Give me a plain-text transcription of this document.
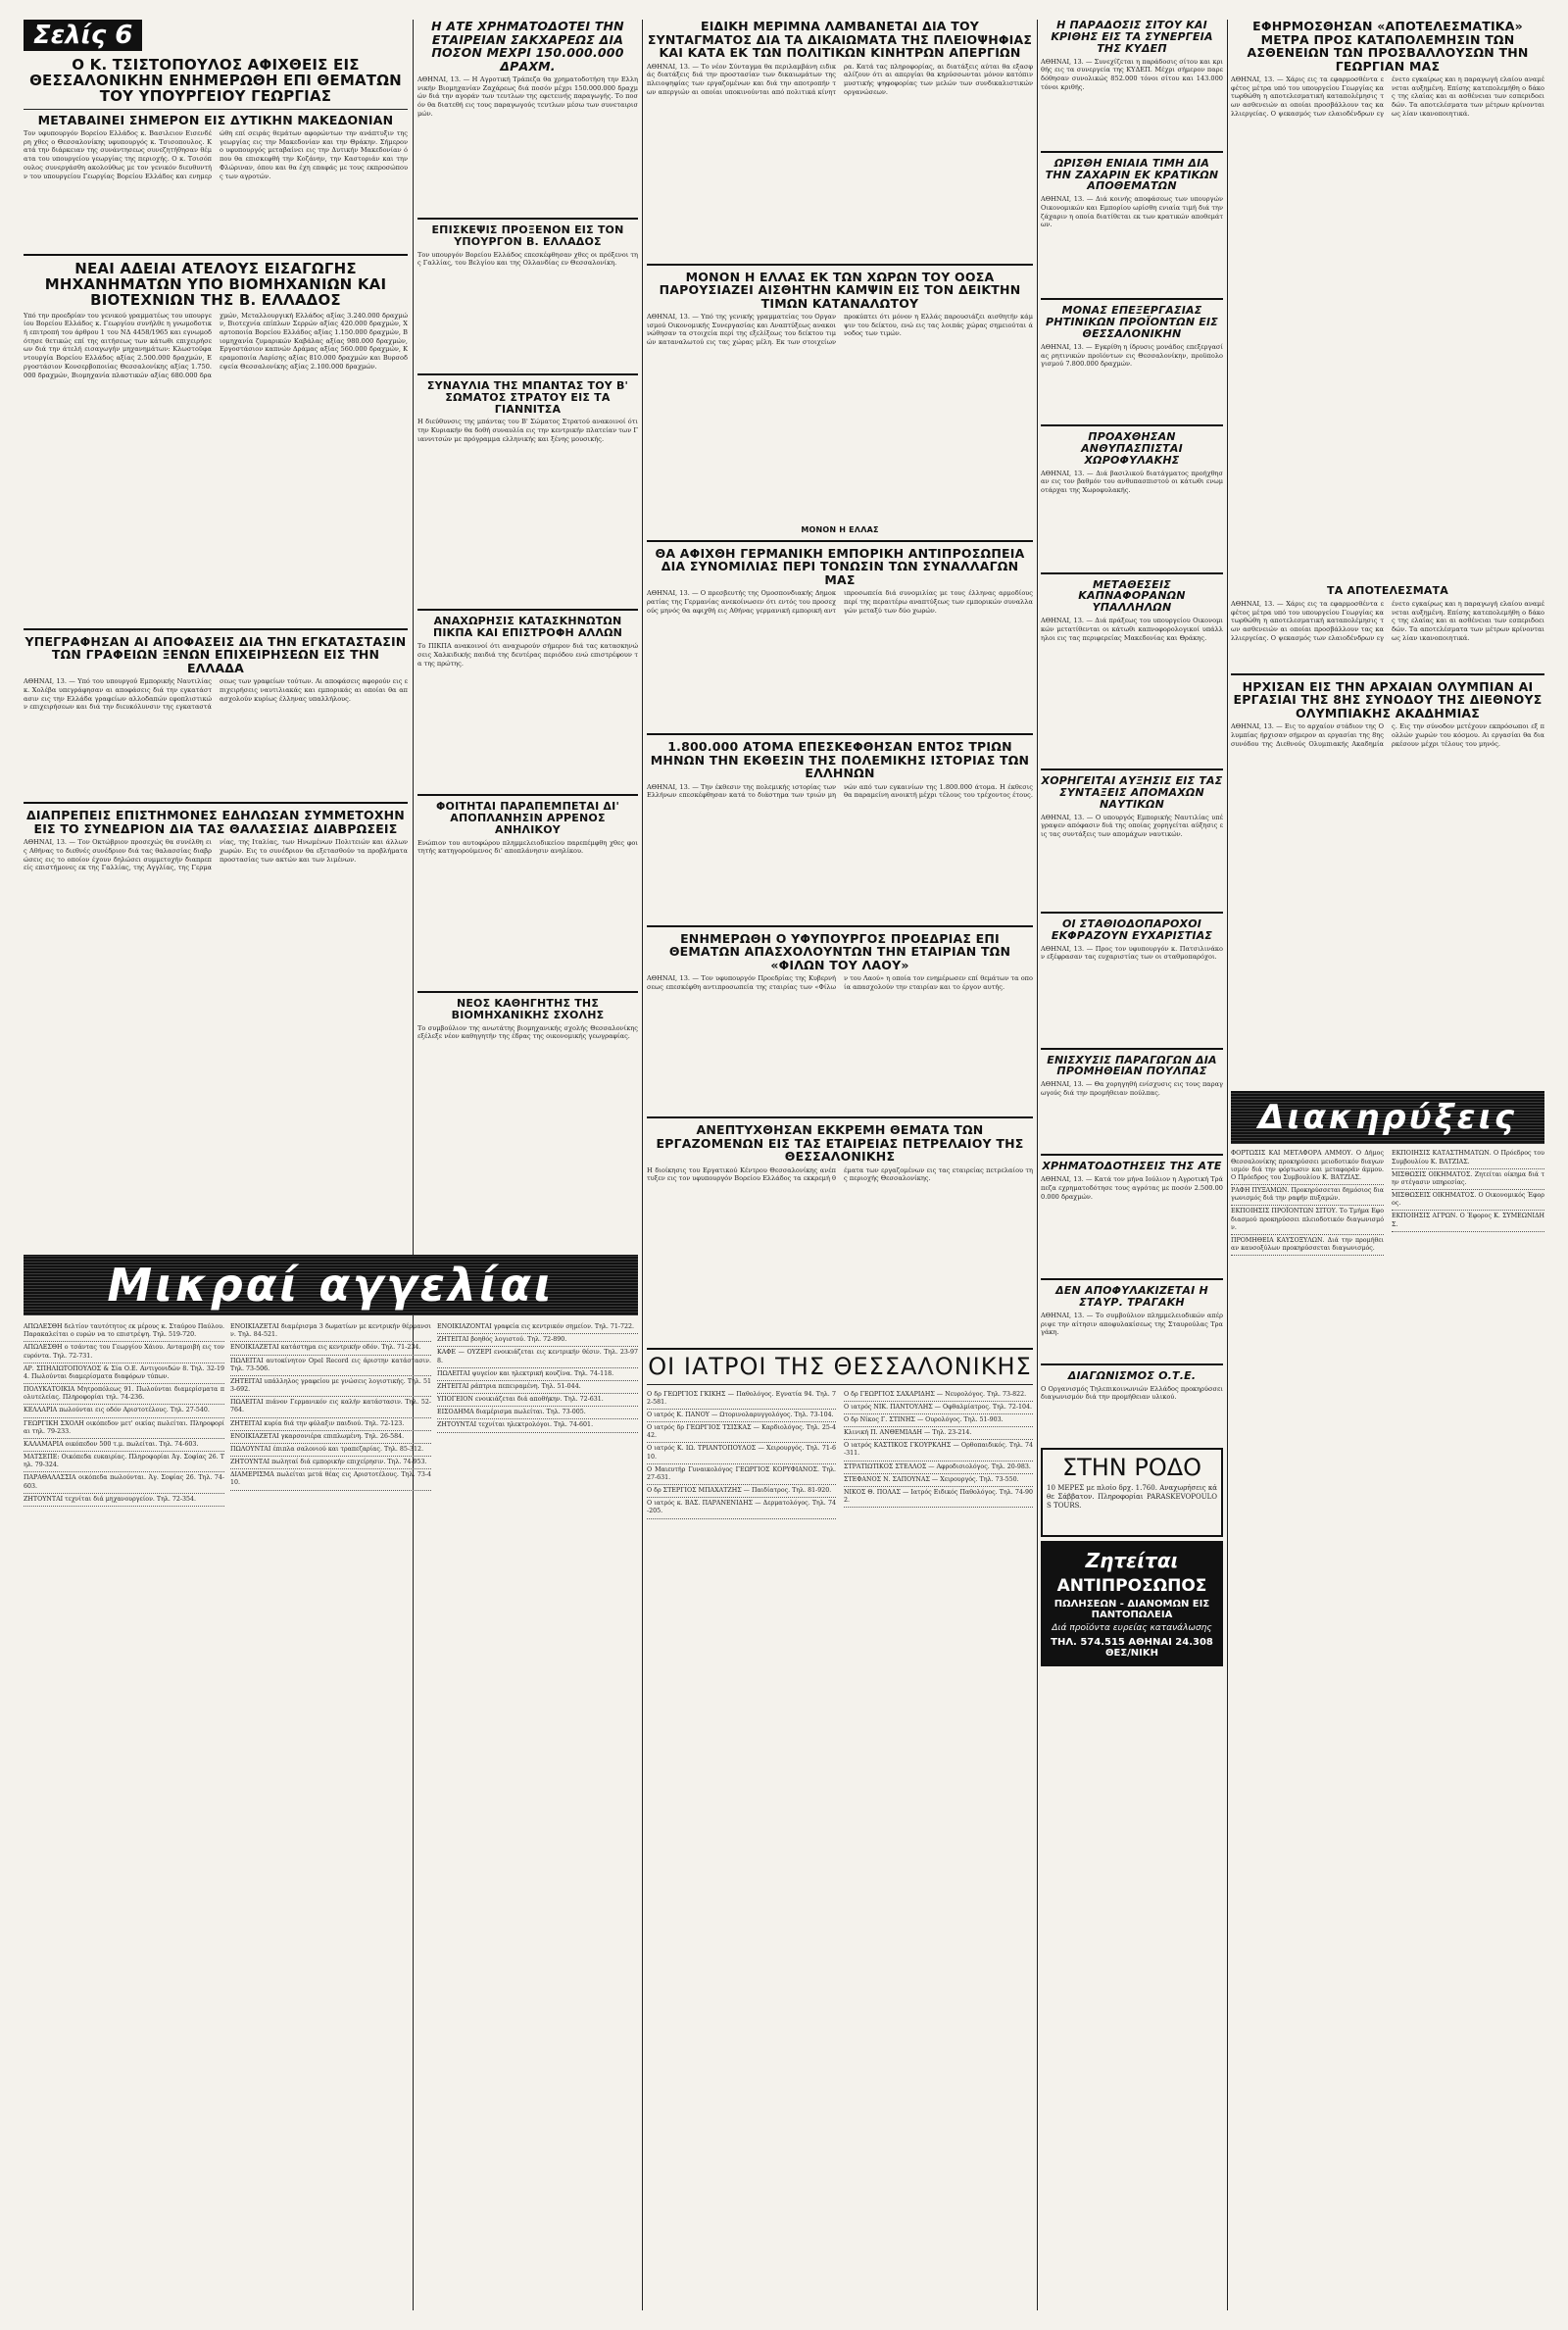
Σελίς 6
Ο Κ. ΤΣΙΣΤΟΠΟΥΛΟΣ ΑΦΙΧΘΕΙΣ ΕΙΣ ΘΕΣΣΑΛΟΝΙΚΗΝ ΕΝΗΜΕΡΩΘΗ ΕΠΙ ΘΕΜΑΤΩΝ ΤΟΥ ΥΠΟΥΡΓΕΙΟΥ ΓΕΩΡΓΙΑΣ
ΜΕΤΑΒΑΙΝΕΙ ΣΗΜΕΡΟΝ ΕΙΣ ΔΥΤΙΚΗΝ ΜΑΚΕΔΟΝΙΑΝ
Τον υφυπουργόν Βορείου Ελλάδος κ. Βασιλειον Εισενδέρη χθες ο Θεσσαλονίκης υφυπουργός κ. Τσισοπουλος. Κατά την διάρκειαν της συνάντησεως συνεζητήθησαν θέματα του υπουργείου γεωργίας της περιοχής. Ο κ. Τσισόπουλος συνεργάσθη ακολούθως με τον γενικόν διευθυντήν του υπουργείου Γεωργίας Βορείου Ελλάδος και ενημερώθη επί σειράς θεμάτων αφορώντων την ανάπτυξιν της γεωργίας εις την Μακεδονίαν και την Θράκην. Σήμερον ο υφυπουργός μεταβαίνει εις την Δυτικήν Μακεδονίαν όπου θα επισκεφθή την Κοζάνην, την Καστοριάν και την Φλώριναν, όπου και θα έχη επαφάς με τους εκπροσώπους των αγροτών.
ΝΕΑΙ ΑΔΕΙΑΙ ΑΤΕΛΟΥΣ ΕΙΣΑΓΩΓΗΣ ΜΗΧΑΝΗΜΑΤΩΝ ΥΠΟ ΒΙΟΜΗΧΑΝΙΩΝ ΚΑΙ ΒΙΟΤΕΧΝΙΩΝ ΤΗΣ Β. ΕΛΛΑΔΟΣ
Υπό την προεδρίαν του γενικού γραμματέως του υπουργείου Βορείου Ελλάδος κ. Γεωργίου συνήλθε η γνωμοδοτική επιτροπή του άρθρου 1 του ΝΔ 4458/1965 και εγνωμοδότησε θετικώς επί της αιτήσεως των κάτωθι επιχειρήσεων διά την άτελή εισαγωγήν μηχανημάτων: Κλωστοϋφαντουργία Βορείου Ελλάδος αξίας 2.500.000 δραχμών, Εργοστάσιον Κονσερβοποιίας Θεσσαλονίκης αξίας 1.750.000 δραχμών, Βιομηχανία πλαστικών αξίας 680.000 δραχμών, Μεταλλουργική Ελλάδος αξίας 3.240.000 δραχμών, Βιοτεχνία επίπλων Σερρών αξίας 420.000 δραχμών, Χαρτοποιία Βορείου Ελλάδος αξίας 1.150.000 δραχμών, Βιομηχανία ζυμαρικών Καβάλας αξίας 980.000 δραχμών, Εργοστάσιον καπνών Δράμας αξίας 560.000 δραχμών, Κεραμοποιία Λαρίσης αξίας 810.000 δραχμών και Βυρσοδεψεία Θεσσαλονίκης αξίας 2.100.000 δραχμών.
ΥΠΕΓΡΑΦΗΣΑΝ ΑΙ ΑΠΟΦΑΣΕΙΣ ΔΙΑ ΤΗΝ ΕΓΚΑΤΑΣΤΑΣΙΝ ΤΩΝ ΓΡΑΦΕΙΩΝ ΞΕΝΩΝ ΕΠΙΧΕΙΡΗΣΕΩΝ ΕΙΣ ΤΗΝ ΕΛΛΑΔΑ
ΑΘΗΝΑΙ, 13. — Υπό του υπουργού Εμπορικής Ναυτιλίας κ. Χολέβα υπεγράφησαν αι αποφάσεις διά την εγκατάστασιν εις την Ελλάδα γραφείων αλλοδαπών εφοπλιστικών επιχειρήσεων και διά την διευκόλυνσιν της εγκαταστάσεως των γραφείων τούτων. Αι αποφάσεις αφορούν εις επιχειρήσεις ναυτιλιακάς και εμπορικάς αι οποίαι θα απασχολούν κυρίως έλληνας υπαλλήλους.
ΔΙΑΠΡΕΠΕΙΣ ΕΠΙΣΤΗΜΟΝΕΣ ΕΔΗΛΩΣΑΝ ΣΥΜΜΕΤΟΧΗΝ ΕΙΣ ΤΟ ΣΥΝΕΔΡΙΟΝ ΔΙΑ ΤΑΣ ΘΑΛΑΣΣΙΑΣ ΔΙΑΒΡΩΣΕΙΣ
ΑΘΗΝΑΙ, 13. — Τον Οκτώβριον προσεχώς θα συνέλθη εις Αθήνας το διεθνές συνέδριον διά τας θαλασσίας διαβρώσεις εις το οποίον έχουν δηλώσει συμμετοχήν διαπρεπείς επιστήμονες εκ της Γαλλίας, της Αγγλίας, της Γερμανίας, της Ιταλίας, των Ηνωμένων Πολιτειών και άλλων χωρών. Εις το συνέδριον θα εξετασθούν τα προβλήματα προστασίας των ακτών και των λιμένων.
Μικραί αγγελίαι
ΑΠΩΛΕΣΘΗ δελτίον ταυτότητος εκ μέρους κ. Σταύρου Παύλου. Παρακαλείται ο ευρών να το επιστρέψη. Τηλ. 519-720.
ΑΠΩΛΕΣΘΗ ο τσάντας του Γεωργίου Χάιου. Ανταμοιβή εις τον ευρόντα. Τηλ. 72-731.
ΑΡ. ΣΠΗΛΙΩΤΟΠΟΥΛΟΣ & Σία Ο.Ε. Αντιγονιδών 8. Τηλ. 32-194. Πωλούνται διαμερίσματα διαφόρων τύπων.
ΠΟΛΥΚΑΤΟΙΚΙΑ Μητροπόλεως 91. Πωλούνται διαμερίσματα πολυτελείας. Πληροφορίαι τηλ. 74-236.
ΚΕΛΛΑΡΙΑ πωλούνται εις οδόν Αριστοτέλους. Τηλ. 27-540.
ΓΕΩΡΓΙΚΗ ΣΧΟΛΗ οικόπεδον μετ' οικίας πωλείται. Πληροφορίαι τηλ. 79-233.
ΚΑΛΑΜΑΡΙΑ οικόπεδον 500 τ.μ. πωλείται. Τηλ. 74-603.
ΜΑΤΣΕΠΕ: Οικόπεδα ευκαιρίας. Πληροφορίαι Άγ. Σοφίας 26. Τηλ. 79-324.
ΠΑΡΑΘΑΛΑΣΣΙΑ οικόπεδα πωλούνται. Άγ. Σοφίας 26. Τηλ. 74-603.
ΖΗΤΟΥΝΤΑΙ τεχνίται διά μηχανουργείον. Τηλ. 72-354.
ΕΝΟΙΚΙΑΖΕΤΑΙ διαμέρισμα 3 δωματίων με κεντρικήν θέρμανσιν. Τηλ. 84-521.
ΕΝΟΙΚΙΑΖΕΤΑΙ κατάστημα εις κεντρικήν οδόν. Τηλ. 71-234.
ΠΩΛΕΙΤΑΙ αυτοκίνητον Opel Record εις άριστην κατάστασιν. Τηλ. 73-506.
ΖΗΤΕΙΤΑΙ υπάλληλος γραφείου με γνώσεις λογιστικής. Τηλ. 513-692.
ΠΩΛΕΙΤΑΙ πιάνον Γερμανικόν εις καλήν κατάστασιν. Τηλ. 52-764.
ΖΗΤΕΙΤΑΙ κυρία διά την φύλαξιν παιδιού. Τηλ. 72-123.
ΕΝΟΙΚΙΑΖΕΤΑΙ γκαρσονιέρα επιπλωμένη. Τηλ. 26-584.
ΠΩΛΟΥΝΤΑΙ έπιπλα σαλονιού και τραπεζαρίας. Τηλ. 85-312.
ΖΗΤΟΥΝΤΑΙ πωληταί διά εμπορικήν επιχείρησιν. Τηλ. 74-953.
ΔΙΑΜΕΡΙΣΜΑ πωλείται μετά θέας εις Αριστοτέλους. Τηλ. 73-410.
ΕΝΟΙΚΙΑΖΟΝΤΑΙ γραφεία εις κεντρικόν σημείον. Τηλ. 71-722.
ΖΗΤΕΙΤΑΙ βοηθός λογιστού. Τηλ. 72-890.
ΚΑΦΕ — ΟΥΖΕΡΙ ενοικιάζεται εις κεντρικήν θέσιν. Τηλ. 23-978.
ΠΩΛΕΙΤΑΙ ψυγείον και ηλεκτρική κουζίνα. Τηλ. 74-118.
ΖΗΤΕΙΤΑΙ ράπτρια πεπειραμένη. Τηλ. 51-044.
ΥΠΟΓΕΙΟΝ ενοικιάζεται διά αποθήκην. Τηλ. 72-631.
ΕΙΣΟΔΗΜΑ διαμέρισμα πωλείται. Τηλ. 73-005.
ΖΗΤΟΥΝΤΑΙ τεχνίται ηλεκτρολόγοι. Τηλ. 74-601.
Η ΑΤΕ ΧΡΗΜΑΤΟΔΟΤΕΙ ΤΗΝ ΕΤΑΙΡΕΙΑΝ ΣΑΚΧΑΡΕΩΣ ΔΙΑ ΠΟΣΟΝ ΜΕΧΡΙ 150.000.000 ΔΡΑΧΜ.
ΑΘΗΝΑΙ, 13. — Η Αγροτική Τράπεζα θα χρηματοδοτήση την Ελληνικήν Βιομηχανίαν Ζαχάρεως διά ποσόν μέχρι 150.000.000 δραχμών διά την αγοράν των τευτλων της εφετεινής παραγωγής. Το ποσόν θα διατεθή εις τους παραγωγούς τευτλων μέσω των συνεταιρισμών.
ΕΠΙΣΚΕΨΙΣ ΠΡΟΞΕΝΟΝ ΕΙΣ ΤΟΝ ΥΠΟΥΡΓΟΝ Β. ΕΛΛΑΔΟΣ
Τον υπουργόν Βορείου Ελλάδος επεσκέφθησαν χθες οι πρόξενοι της Γαλλίας, του Βελγίου και της Ολλανδίας εν Θεσσαλονίκη.
ΣΥΝΑΥΛΙΑ ΤΗΣ ΜΠΑΝΤΑΣ ΤΟΥ Β' ΣΩΜΑΤΟΣ ΣΤΡΑΤΟΥ ΕΙΣ ΤΑ ΓΙΑΝΝΙΤΣΑ
Η διεύθυνσις της μπάντας του Β' Σώματος Στρατού ανακοινοί ότι την Κυριακήν θα δοθή συναυλία εις την κεντρικήν πλατείαν των Γιαννιτσών με πρόγραμμα ελληνικής και ξένης μουσικής.
ΑΝΑΧΩΡΗΣΙΣ ΚΑΤΑΣΚΗΝΩΤΩΝ ΠΙΚΠΑ ΚΑΙ ΕΠΙΣΤΡΟΦΗ ΑΛΛΩΝ
Το ΠΙΚΠΑ ανακοινοί ότι αναχωρούν σήμερον διά τας κατασκηνώσεις Χαλκιδικής παιδιά της δευτέρας περιόδου ενώ επιστρέφουν τα της πρώτης.
ΦΟΙΤΗΤΑΙ ΠΑΡΑΠΕΜΠΕΤΑΙ ΔΙ' ΑΠΟΠΛΑΝΗΣΙΝ ΑΡΡΕΝΟΣ ΑΝΗΛΙΚΟΥ
Ενώπιον του αυτοφώρου πλημμελειοδικείου παρεπέμφθη χθες φοιτητής κατηγορούμενος δι' αποπλάνησιν ανηλίκου.
ΝΕΟΣ ΚΑΘΗΓΗΤΗΣ ΤΗΣ ΒΙΟΜΗΧΑΝΙΚΗΣ ΣΧΟΛΗΣ
Το συμβούλιον της ανωτάτης βιομηχανικής σχολής Θεσσαλονίκης εξέλεξε νέον καθηγητήν της έδρας της οικονομικής γεωγραφίας.
ΕΙΔΙΚΗ ΜΕΡΙΜΝΑ ΛΑΜΒΑΝΕΤΑΙ ΔΙΑ ΤΟΥ ΣΥΝΤΑΓΜΑΤΟΣ ΔΙΑ ΤΑ ΔΙΚΑΙΩΜΑΤΑ ΤΗΣ ΠΛΕΙΟΨΗΦΙΑΣ ΚΑΙ ΚΑΤΑ ΕΚ ΤΩΝ ΠΟΛΙΤΙΚΩΝ ΚΙΝΗΤΡΩΝ ΑΠΕΡΓΙΩΝ
ΑΘΗΝΑΙ, 13. — Το νέον Σύνταγμα θα περιλαμβάνη ειδικάς διατάξεις διά την προστασίαν των δικαιωμάτων της πλειοψηφίας των εργαζομένων και διά την αποτροπήν των απεργιών αι οποίαι υποκινούνται από πολιτικά κίνητρα. Κατά τας πληροφορίας, αι διατάξεις αύται θα εξασφαλίζουν ότι αι απεργίαι θα κηρύσσωνται μόνον κατόπιν μυστικής ψηφοφορίας των μελών των συνδικαλιστικών οργανώσεων.
ΜΟΝΟΝ Η ΕΛΛΑΣ ΕΚ ΤΩΝ ΧΩΡΩΝ ΤΟΥ ΟΟΣΑ ΠΑΡΟΥΣΙΑΖΕΙ ΑΙΣΘΗΤΗΝ ΚΑΜΨΙΝ ΕΙΣ ΤΟΝ ΔΕΙΚΤΗΝ ΤΙΜΩΝ ΚΑΤΑΝΑΛΩΤΟΥ
ΑΘΗΝΑΙ, 13. — Υπό της γενικής γραμματείας του Οργανισμού Οικονομικής Συνεργασίας και Αναπτύξεως ανακοινώθησαν τα στοιχεία περί της εξελίξεως του δείκτου τιμών καταναλωτού εις τας χώρας μέλη. Εκ των στοιχείων προκύπτει ότι μόνον η Ελλάς παρουσιάζει αισθητήν κάμψιν του δείκτου, ενώ εις τας λοιπάς χώρας σημειούται άνοδος των τιμών.
ΜΟΝΟΝ Η ΕΛΛΑΣ
ΘΑ ΑΦΙΧΘΗ ΓΕΡΜΑΝΙΚΗ ΕΜΠΟΡΙΚΗ ΑΝΤΙΠΡΟΣΩΠΕΙΑ ΔΙΑ ΣΥΝΟΜΙΛΙΑΣ ΠΕΡΙ ΤΟΝΩΣΙΝ ΤΩΝ ΣΥΝΑΛΛΑΓΩΝ ΜΑΣ
ΑΘΗΝΑΙ, 13. — Ο πρεσβευτής της Ομοσπονδιακής Δημοκρατίας της Γερμανίας ανεκοίνωσεν ότι εντός του προσεχούς μηνός θα αφιχθή εις Αθήνας γερμανική εμπορική αντιπροσωπεία διά συνομιλίας με τους έλληνας αρμοδίους περί της περαιτέρω αναπτύξεως των εμπορικών συναλλαγών μεταξύ των δύο χωρών.
1.800.000 ΑΤΟΜΑ ΕΠΕΣΚΕΦΘΗΣΑΝ ΕΝΤΟΣ ΤΡΙΩΝ ΜΗΝΩΝ ΤΗΝ ΕΚΘΕΣΙΝ ΤΗΣ ΠΟΛΕΜΙΚΗΣ ΙΣΤΟΡΙΑΣ ΤΩΝ ΕΛΛΗΝΩΝ
ΑΘΗΝΑΙ, 13. — Την έκθεσιν της πολεμικής ιστορίας των Ελλήνων επεσκέφθησαν κατά το διάστημα των τριών μηνών από των εγκαινίων της 1.800.000 άτομα. Η έκθεσις θα παραμείνη ανοικτή μέχρι τέλους του τρέχοντος έτους.
ΕΝΗΜΕΡΩΘΗ Ο ΥΦΥΠΟΥΡΓΟΣ ΠΡΟΕΔΡΙΑΣ ΕΠΙ ΘΕΜΑΤΩΝ ΑΠΑΣΧΟΛΟΥΝΤΩΝ ΤΗΝ ΕΤΑΙΡΙΑΝ ΤΩΝ «ΦΙΛΩΝ ΤΟΥ ΛΑΟΥ»
ΑΘΗΝΑΙ, 13. — Τον υφυπουργόν Προεδρίας της Κυβερνήσεως επεσκέφθη αντιπροσωπεία της εταιρίας των «Φίλων του Λαού» η οποία τον ενημέρωσεν επί θεμάτων τα οποία απασχολούν την εταιρίαν και το έργον αυτής.
ΑΝΕΠΤΥΧΘΗΣΑΝ ΕΚΚΡΕΜΗ ΘΕΜΑΤΑ ΤΩΝ ΕΡΓΑΖΟΜΕΝΩΝ ΕΙΣ ΤΑΣ ΕΤΑΙΡΕΙΑΣ ΠΕΤΡΕΛΑΙΟΥ ΤΗΣ ΘΕΣΣΑΛΟΝΙΚΗΣ
Η διοίκησις του Εργατικού Κέντρου Θεσσαλονίκης ανέπτυξεν εις τον υφυπουργόν Βορείου Ελλάδος τα εκκρεμή θέματα των εργαζομένων εις τας εταιρείας πετρελαίου της περιοχής Θεσσαλονίκης.
ΟΙ ΙΑΤΡΟΙ ΤΗΣ ΘΕΣΣΑΛΟΝΙΚΗΣ
Ο δρ ΓΕΩΡΓΙΟΣ ΓΚΙΚΗΣ — Παθολόγος. Εγνατία 94. Τηλ. 72-581.
Ο ιατρός Κ. ΠΑΝΟΥ — Ωτορινολαρυγγολόγος. Τηλ. 73-104.
Ο ιατρός δρ ΓΕΩΡΓΙΟΣ ΤΣΙΣΚΑΣ — Καρδιολόγος. Τηλ. 25-442.
Ο ιατρός Κ. ΙΩ. ΤΡΙΑΝΤΟΠΟΥΛΟΣ — Χειρουργός. Τηλ. 71-610.
Ο Μαιευτήρ Γυναικολόγος ΓΕΩΡΓΙΟΣ ΚΟΡΥΦΙΑΝΟΣ. Τηλ. 27-631.
Ο δρ ΣΤΕΡΓΙΟΣ ΜΠΑΧΑΤΖΗΣ — Παιδίατρος. Τηλ. 81-920.
Ο ιατρός κ. ΒΑΣ. ΠΑΡΑΝΕΝΙΔΗΣ — Δερματολόγος. Τηλ. 74-205.
Ο δρ ΓΕΩΡΓΙΟΣ ΣΑΧΑΡΙΔΗΣ — Νευρολόγος. Τηλ. 73-822.
Ο ιατρός ΝΙΚ. ΠΑΝΤΟΥΛΗΣ — Οφθαλμίατρος. Τηλ. 72-104.
Ο δρ Νίκος Γ. ΣΤΙΝΗΣ — Ουρολόγος. Τηλ. 51-903.
Κλινική Π. ΑΝΘΕΜΙΑΔΗ — Τηλ. 23-214.
Ο ιατρός ΚΑΣΤΙΚΟΣ ΓΚΟΥΡΚΛΗΣ — Ορθοπαιδικός. Τηλ. 74-311.
ΣΤΡΑΤΙΩΤΙΚΟΣ ΣΤΕΛΛΟΣ — Αφροδισιολόγος. Τηλ. 20-983.
ΣΤΕΦΑΝΟΣ Ν. ΣΑΠΟΥΝΑΣ — Χειρουργός. Τηλ. 73-550.
ΝΙΚΟΣ Θ. ΠΟΛΑΣ — Ιατρός Ειδικός Παθολόγος. Τηλ. 74-902.
Η ΠΑΡΑΔΟΣΙΣ ΣΙΤΟΥ ΚΑΙ ΚΡΙΘΗΣ ΕΙΣ ΤΑ ΣΥΝΕΡΓΕΙΑ ΤΗΣ ΚΥΔΕΠ
ΑΘΗΝΑΙ, 13. — Συνεχίζεται η παράδοσις σίτου και κριθής εις τα συνεργεία της ΚΥΔΕΠ. Μέχρι σήμερον παρεδόθησαν συνολικώς 852.000 τόνοι σίτου και 143.000 τόνοι κριθής.
ΩΡΙΣΘΗ ΕΝΙΑΙΑ ΤΙΜΗ ΔΙΑ ΤΗΝ ΖΑΧΑΡΙΝ ΕΚ ΚΡΑΤΙΚΩΝ ΑΠΟΘΕΜΑΤΩΝ
ΑΘΗΝΑΙ, 13. — Διά κοινής αποφάσεως των υπουργών Οικονομικών και Εμπορίου ωρίσθη ενιαία τιμή διά την ζάχαριν η οποία διατίθεται εκ των κρατικών αποθεμάτων.
ΜΟΝΑΣ ΕΠΕΞΕΡΓΑΣΙΑΣ ΡΗΤΙΝΙΚΩΝ ΠΡΟΪΟΝΤΩΝ ΕΙΣ ΘΕΣΣΑΛΟΝΙΚΗΝ
ΑΘΗΝΑΙ, 13. — Εγκρίθη η ίδρυσις μονάδος επεξεργασίας ρητινικών προϊόντων εις Θεσσαλονίκην, προϋπολογισμού 7.800.000 δραχμών.
ΠΡΟΑΧΘΗΣΑΝ ΑΝΘΥΠΑΣΠΙΣΤΑΙ ΧΩΡΟΦΥΛΑΚΗΣ
ΑΘΗΝΑΙ, 13. — Διά βασιλικού διατάγματος προήχθησαν εις τον βαθμόν του ανθυπασπιστού οι κάτωθι ενωμοτάρχαι της Χωροφυλακής.
ΜΕΤΑΘΕΣΕΙΣ ΚΑΠΝΑΦΟΡΑΝΩΝ ΥΠΑΛΛΗΛΩΝ
ΑΘΗΝΑΙ, 13. — Διά πράξεως του υπουργείου Οικονομικών μετατίθενται οι κάτωθι καπνοφορολογικοί υπάλληλοι εις τας περιφερείας Μακεδονίας και Θράκης.
ΧΟΡΗΓΕΙΤΑΙ ΑΥΞΗΣΙΣ ΕΙΣ ΤΑΣ ΣΥΝΤΑΞΕΙΣ ΑΠΟΜΑΧΩΝ ΝΑΥΤΙΚΩΝ
ΑΘΗΝΑΙ, 13. — Ο υπουργός Εμπορικής Ναυτιλίας υπέγραψεν απόφασιν διά της οποίας χορηγείται αύξησις εις τας συντάξεις των απομάχων ναυτικών.
ΟΙ ΣΤΑΘΙΟΔΟΠΑΡΟΧΟΙ ΕΚΦΡΑΖΟΥΝ ΕΥΧΑΡΙΣΤΙΑΣ
ΑΘΗΝΑΙ, 13. — Προς τον υφυπουργόν κ. Πατσιλινάκον εξέφρασαν τας ευχαριστίας των οι σταθμοπαρόχοι.
ΕΝΙΣΧΥΣΙΣ ΠΑΡΑΓΩΓΩΝ ΔΙΑ ΠΡΟΜΗΘΕΙΑΝ ΠΟΥΛΠΑΣ
ΑΘΗΝΑΙ, 13. — Θα χορηγηθή ενίσχυσις εις τους παραγωγούς διά την προμήθειαν πούλπας.
ΧΡΗΜΑΤΟΔΟΤΗΣΕΙΣ ΤΗΣ ΑΤΕ
ΑΘΗΝΑΙ, 13. — Κατά τον μήνα Ιούλιον η Αγροτική Τράπεζα εχρηματοδότησε τους αγρότας με ποσόν 2.500.000.000 δραχμών.
ΔΕΝ ΑΠΟΦΥΛΑΚΙΖΕΤΑΙ Η ΣΤΑΥΡ. ΤΡΑΓΑΚΗ
ΑΘΗΝΑΙ, 13. — Το συμβούλιον πλημμελειοδικών απέρριψε την αίτησιν αποφυλακίσεως της Σταυρούλας Τραγάκη.
ΔΙΑΓΩΝΙΣΜΟΣ Ο.Τ.Ε.
Ο Οργανισμός Τηλεπικοινωνιών Ελλάδος προκηρύσσει διαγωνισμόν διά την προμήθειαν υλικού.
ΣΤΗΝ ΡΟΔΟ
10 ΜΕΡΕΣ με πλοίο δρχ. 1.760. Αναχωρήσεις κάθε Σάββατον. Πληροφορίαι PARASKEVOPOULOS TOURS.
Ζητείται
ΑΝΤΙΠΡΟΣΩΠΟΣ
ΠΩΛΗΣΕΩΝ - ΔΙΑΝΟΜΩΝ ΕΙΣ ΠΑΝΤΟΠΩΛΕΙΑ
Διά προϊόντα ευρείας κατανάλωσης
ΤΗΛ. 574.515 ΑΘΗΝΑΙ 24.308 ΘΕΣ/ΝΙΚΗ
ΕΦΗΡΜΟΣΘΗΣΑΝ «ΑΠΟΤΕΛΕΣΜΑΤΙΚΑ» ΜΕΤΡΑ ΠΡΟΣ ΚΑΤΑΠΟΛΕΜΗΣΙΝ ΤΩΝ ΑΣΘΕΝΕΙΩΝ ΤΩΝ ΠΡΟΣΒΑΛΛΟΥΣΩΝ ΤΗΝ ΓΕΩΡΓΙΑΝ ΜΑΣ
ΑΘΗΝΑΙ, 13. — Χάρις εις τα εφαρμοσθέντα εφέτος μέτρα υπό του υπουργείου Γεωργίας κατωρθώθη η αποτελεσματική καταπολέμησις των ασθενειών αι οποίαι προσβάλλουν τας καλλιεργείας. Ο ψεκασμός των ελαιοδένδρων εγένετο εγκαίρως και η παραγωγή ελαίου αναμένεται αυξημένη. Επίσης κατεπολεμήθη ο δάκος της ελαίας και αι ασθένειαι των εσπεριδοειδών. Τα αποτελέσματα των μέτρων κρίνονται ως λίαν ικανοποιητικά.
ΤΑ ΑΠΟΤΕΛΕΣΜΑΤΑ
ΑΘΗΝΑΙ, 13. — Χάρις εις τα εφαρμοσθέντα εφέτος μέτρα υπό του υπουργείου Γεωργίας κατωρθώθη η αποτελεσματική καταπολέμησις των ασθενειών αι οποίαι προσβάλλουν τας καλλιεργείας. Ο ψεκασμός των ελαιοδένδρων εγένετο εγκαίρως και η παραγωγή ελαίου αναμένεται αυξημένη. Επίσης κατεπολεμήθη ο δάκος της ελαίας και αι ασθένειαι των εσπεριδοειδών. Τα αποτελέσματα των μέτρων κρίνονται ως λίαν ικανοποιητικά.
ΗΡΧΙΣΑΝ ΕΙΣ ΤΗΝ ΑΡΧΑΙΑΝ ΟΛΥΜΠΙΑΝ ΑΙ ΕΡΓΑΣΙΑΙ ΤΗΣ 8ΗΣ ΣΥΝΟΔΟΥ ΤΗΣ ΔΙΕΘΝΟΥΣ ΟΛΥΜΠΙΑΚΗΣ ΑΚΑΔΗΜΙΑΣ
ΑΘΗΝΑΙ, 13. — Εις το αρχαίον στάδιον της Ολυμπίας ήρχισαν σήμερον αι εργασίαι της 8ης συνόδου της Διεθνούς Ολυμπιακής Ακαδημίας. Εις την σύνοδον μετέχουν εκπρόσωποι εξ πολλών χωρών του κόσμου. Αι εργασίαι θα διαρκέσουν μέχρι τέλους του μηνός.
Διακηρύξεις
ΦΟΡΤΩΣΙΣ ΚΑΙ ΜΕΤΑΦΟΡΑ ΑΜΜΟΥ. Ο Δήμος Θεσσαλονίκης προκηρύσσει μειοδοτικόν διαγωνισμόν διά την φόρτωσιν και μεταφοράν άμμου. Ο Πρόεδρος του Συμβουλίου Κ. ΒΑΤΖΙΑΣ.
ΡΑΦΗ ΠΥΞΑΜΩΝ. Προκηρύσσεται δημόσιος διαγωνισμός διά την ραφήν πυξαμών.
ΕΚΠΟΙΗΣΙΣ ΠΡΟΪΟΝΤΩΝ ΣΙΤΟΥ. Το Τμήμα Εφοδιασμού προκηρύσσει πλειοδοτικόν διαγωνισμόν.
ΠΡΟΜΗΘΕΙΑ ΚΑΥΣΟΞΥΛΩΝ. Διά την προμήθειαν καυσοξύλων προκηρύσσεται διαγωνισμός.
ΕΚΠΟΙΗΣΙΣ ΚΑΤΑΣΤΗΜΑΤΩΝ. Ο Πρόεδρος του Συμβουλίου Κ. ΒΑΤΖΙΑΣ.
ΜΙΣΘΩΣΙΣ ΟΙΚΗΜΑΤΟΣ. Ζητείται οίκημα διά την στέγασιν υπηρεσίας.
ΜΙΣΘΩΣΕΙΣ ΟΙΚΗΜΑΤΟΣ. Ο Οικονομικός Έφορος.
ΕΚΠΟΙΗΣΙΣ ΑΓΡΩΝ. Ο Έφορος Κ. ΣΥΜΕΩΝΙΔΗΣ.
